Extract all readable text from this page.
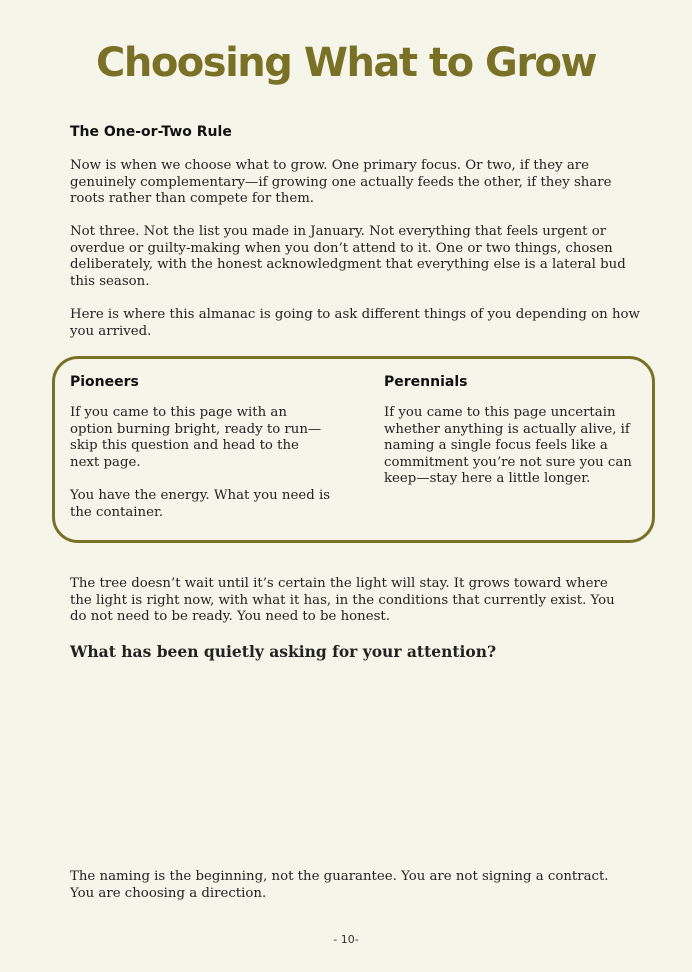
Choosing What to Grow
The One-or-Two Rule

Now is when we choose what to grow. One primary focus. Or two, if they are genuinely complementary—if growing one actually feeds the other, if they share roots rather than compete for them.

Not three. Not the list you made in January. Not everything that feels urgent or overdue or guilty-making when you don’t attend to it. One or two things, chosen deliberately, with the honest acknowledgment that everything else is a lateral bud this season.

Here is where this almanac is going to ask different things of you depending on how you arrived.

Pioneers

If you came to this page with an option burning bright, ready to run—skip this question and head to the next page.

You have the energy. What you need is the container.

Perennials

If you came to this page uncertain whether anything is actually alive, if naming a single focus feels like a commitment you’re not sure you can keep—stay here a little longer.

The tree doesn’t wait until it’s certain the light will stay. It grows toward where the light is right now, with what it has, in the conditions that currently exist. You do not need to be ready. You need to be honest.

What has been quietly asking for your attention?

The naming is the beginning, not the guarantee. You are not signing a contract. You are choosing a direction.

- 10-
